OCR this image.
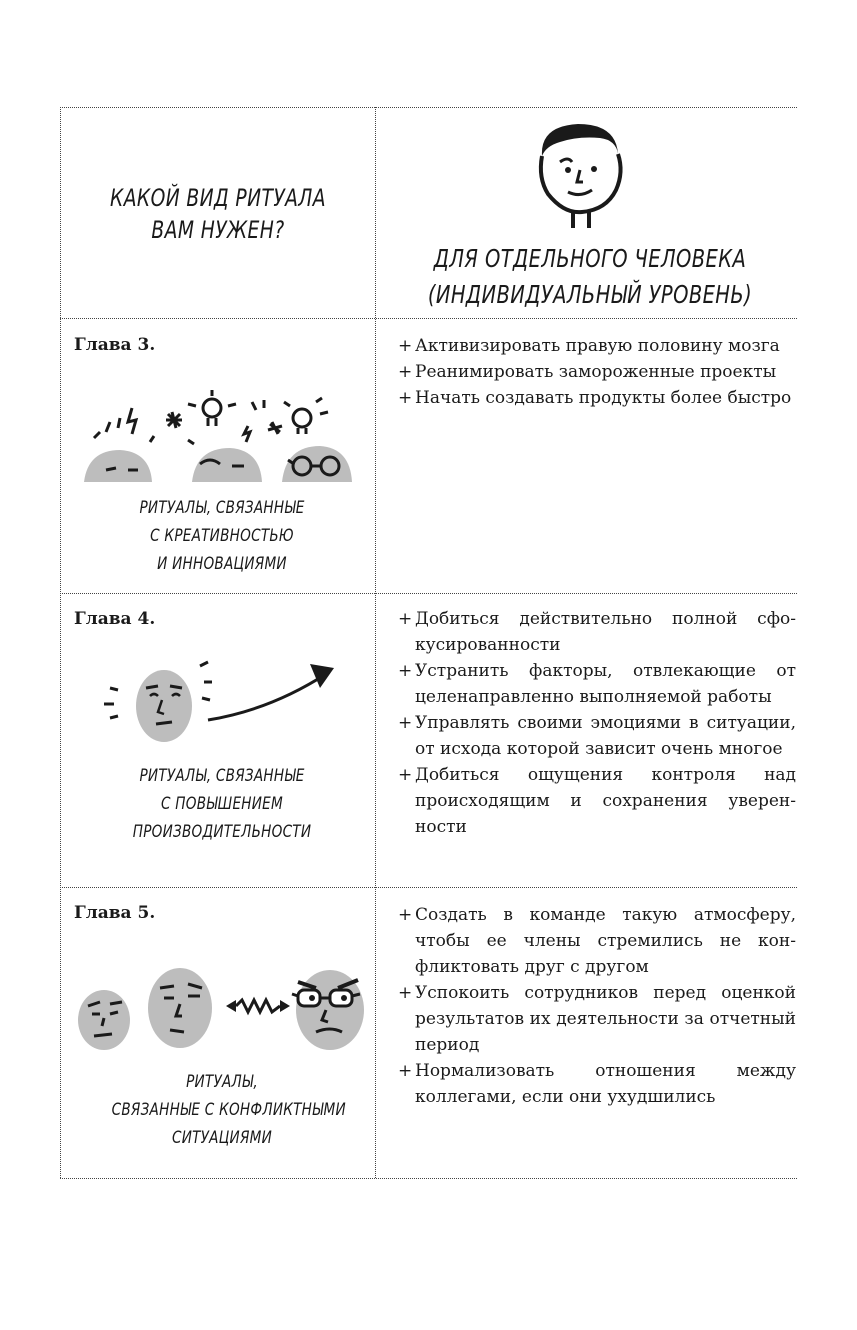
КАКОЙ ВИД РИТУАЛА
ВАМ НУЖЕН?
ДЛЯ ОТДЕЛЬНОГО ЧЕЛОВЕКА
(ИНДИВИДУАЛЬНЫЙ УРОВЕНЬ)
Глава 3.
РИТУАЛЫ, СВЯЗАННЫЕ
С КРЕАТИВНОСТЬЮ
И ИННОВАЦИЯМИ
+ Активизировать правую половину мозга
+ Реанимировать замороженные проекты
+ Начать создавать продукты более быстро
Глава 4.
РИТУАЛЫ, СВЯЗАННЫЕ
С ПОВЫШЕНИЕМ
ПРОИЗВОДИТЕЛЬНОСТИ
+ Добиться действительно полной сфокусированности
+ Устранить факторы, отвлекающие от целенаправленно выполняемой работы
+ Управлять своими эмоциями в ситуации, от исхода которой зависит очень многое
+ Добиться ощущения контроля над происходящим и сохранения уверенности
Глава 5.
РИТУАЛЫ,
СВЯЗАННЫЕ С КОНФЛИКТНЫМИ
СИТУАЦИЯМИ
+ Создать в команде такую атмосферу, чтобы ее члены стремились не конфликтовать друг с другом
+ Успокоить сотрудников перед оценкой результатов их деятельности за отчетный период
+ Нормализовать отношения между коллегами, если они ухудшились
